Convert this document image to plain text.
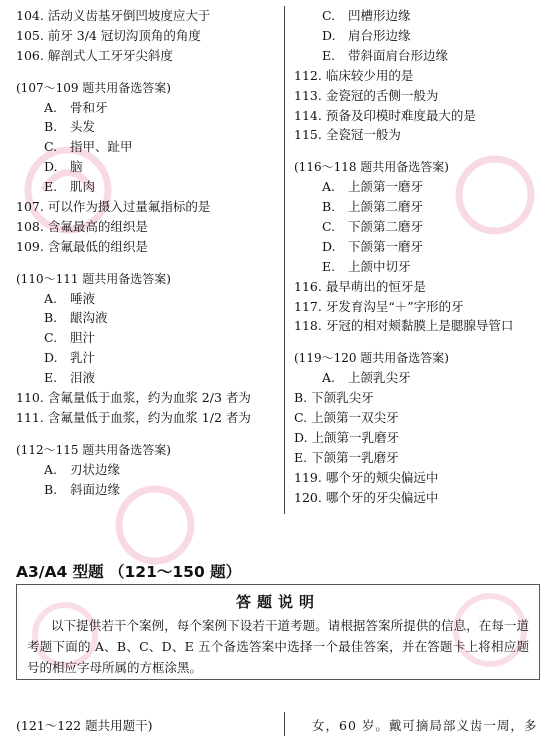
104. 活动义齿基牙倒凹坡度应大于
105. 前牙 3/4 冠切沟顶角的角度
106. 解剖式人工牙牙尖斜度
(107～109 题共用备选答案)
A. 骨和牙
B. 头发
C. 指甲、趾甲
D. 脑
E. 肌肉
107. 可以作为摄入过量氟指标的是
108. 含氟最高的组织是
109. 含氟最低的组织是
(110～111 题共用备选答案)
A. 唾液
B. 龈沟液
C. 胆汁
D. 乳汁
E. 泪液
110. 含氟量低于血浆，约为血浆 2/3 者为
111. 含氟量低于血浆，约为血浆 1/2 者为
(112～115 题共用备选答案)
A. 刃状边缘
B. 斜面边缘
C. 凹槽形边缘
D. 肩台形边缘
E. 带斜面肩台形边缘
112. 临床较少用的是
113. 金瓷冠的舌侧一般为
114. 预备及印模时难度最大的是
115. 全瓷冠一般为
(116～118 题共用备选答案)
A. 上颌第一磨牙
B. 上颌第二磨牙
C. 下颌第二磨牙
D. 下颌第一磨牙
E. 上颌中切牙
116. 最早萌出的恒牙是
117. 牙发育沟呈“＋”字形的牙
118. 牙冠的相对颊黏膜上是腮腺导管口
(119～120 题共用备选答案)
A. 上颌乳尖牙
B. 下颌乳尖牙
C. 上颌第一双尖牙
D. 上颌第一乳磨牙
E. 下颌第一乳磨牙
119. 哪个牙的颊尖偏远中
120. 哪个牙的牙尖偏远中
A3/A4 型题 （121～150 题）
答题说明
以下提供若干个案例，每个案例下设若干道考题。请根据答案所提供的信息，在每一道考题下面的 A、B、C、D、E 五个备选答案中选择一个最佳答案，并在答题卡上将相应题号的相应字母所属的方框涂黑。
(121～122 题共用题干)	女，60 岁。戴可摘局部义齿一周，多
